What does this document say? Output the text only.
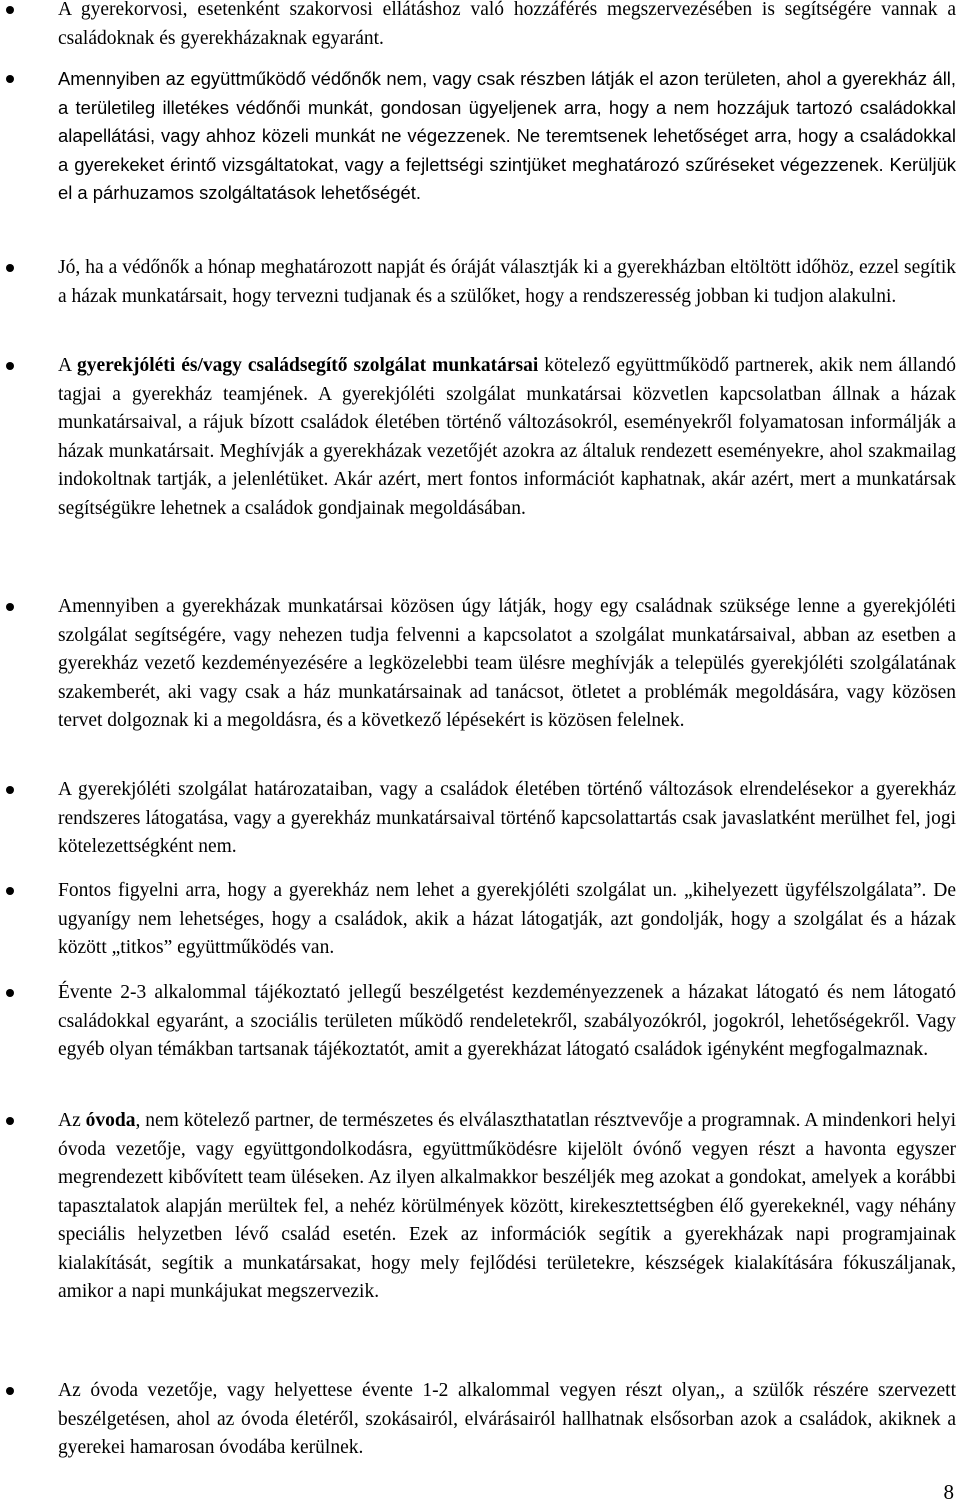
A gyerekorvosi, esetenként szakorvosi ellátáshoz való hozzáférés megszervezésében is segítségére vannak a családoknak és gyerekházaknak egyaránt.
Amennyiben az együttműködő védőnők nem, vagy csak részben látják el azon területen, ahol a gyerekház áll, a területileg illetékes védőnői munkát, gondosan ügyeljenek arra, hogy a nem hozzájuk tartozó családokkal alapellátási, vagy ahhoz közeli munkát ne végezzenek. Ne teremtsenek lehetőséget arra, hogy a családokkal a gyerekeket érintő vizsgáltatokat, vagy a fejlettségi szintjüket meghatározó szűréseket végezzenek. Kerüljük el a párhuzamos szolgáltatások lehetőségét.
Jó, ha a védőnők a hónap meghatározott napját és óráját választják ki a gyerekházban eltöltött időhöz, ezzel segítik a házak munkatársait, hogy tervezni tudjanak és a szülőket, hogy a rendszeresség jobban ki tudjon alakulni.
A gyerekjóléti és/vagy családsegítő szolgálat munkatársai kötelező együttműködő partnerek, akik nem állandó tagjai a gyerekház teamjének. A gyerekjóléti szolgálat munkatársai közvetlen kapcsolatban állnak a házak munkatársaival, a rájuk bízott családok életében történő változásokról, eseményekről folyamatosan informálják a házak munkatársait. Meghívják a gyerekházak vezetőjét azokra az általuk rendezett eseményekre, ahol szakmailag indokoltnak tartják, a jelenlétüket. Akár azért, mert fontos információt kaphatnak, akár azért, mert a munkatársak segítségükre lehetnek a családok gondjainak megoldásában.
Amennyiben a gyerekházak munkatársai közösen úgy látják, hogy egy családnak szüksége lenne a gyerekjóléti szolgálat segítségére, vagy nehezen tudja felvenni a kapcsolatot a szolgálat munkatársaival, abban az esetben a gyerekház vezető kezdeményezésére a legközelebbi team ülésre meghívják a település gyerekjóléti szolgálatának szakemberét, aki vagy csak a ház munkatársainak ad tanácsot, ötletet a problémák megoldására, vagy közösen tervet dolgoznak ki a megoldásra, és a következő lépésekért is közösen felelnek.
A gyerekjóléti szolgálat határozataiban, vagy a családok életében történő változások elrendelésekor a gyerekház rendszeres látogatása, vagy a gyerekház munkatársaival történő kapcsolattartás csak javaslatként merülhet fel, jogi kötelezettségként nem.
Fontos figyelni arra, hogy a gyerekház nem lehet a gyerekjóléti szolgálat un. „kihelyezett ügyfélszolgálata”. De ugyanígy nem lehetséges, hogy a családok, akik a házat látogatják, azt gondolják, hogy a szolgálat és a házak között „titkos” együttműködés van.
Évente 2-3 alkalommal tájékoztató jellegű beszélgetést kezdeményezzenek a házakat látogató és nem látogató családokkal egyaránt, a szociális területen működő rendeletekről, szabályozókról, jogokról, lehetőségekről. Vagy egyéb olyan témákban tartsanak tájékoztatót, amit a gyerekházat látogató családok igényként megfogalmaznak.
Az óvoda, nem kötelező partner, de természetes és elválaszthatatlan résztvevője a programnak. A mindenkori helyi óvoda vezetője, vagy együttgondolkodásra, együttműködésre kijelölt óvónő vegyen részt a havonta egyszer megrendezett kibővített team üléseken. Az ilyen alkalmakkor beszéljék meg azokat a gondokat, amelyek a korábbi tapasztalatok alapján merültek fel, a nehéz körülmények között, kirekesztettségben élő gyerekeknél, vagy néhány speciális helyzetben lévő család esetén. Ezek az információk segítik a gyerekházak napi programjainak kialakítását, segítik a munkatársakat, hogy mely fejlődési területekre, készségek kialakítására fókuszáljanak, amikor a napi munkájukat megszervezik.
Az óvoda vezetője, vagy helyettese évente 1-2 alkalommal vegyen részt olyan,, a szülők részére szervezett beszélgetésen, ahol az óvoda életéről, szokásairól, elvárásairól hallhatnak elsősorban azok a családok, akiknek a gyerekei hamarosan óvodába kerülnek.
8
